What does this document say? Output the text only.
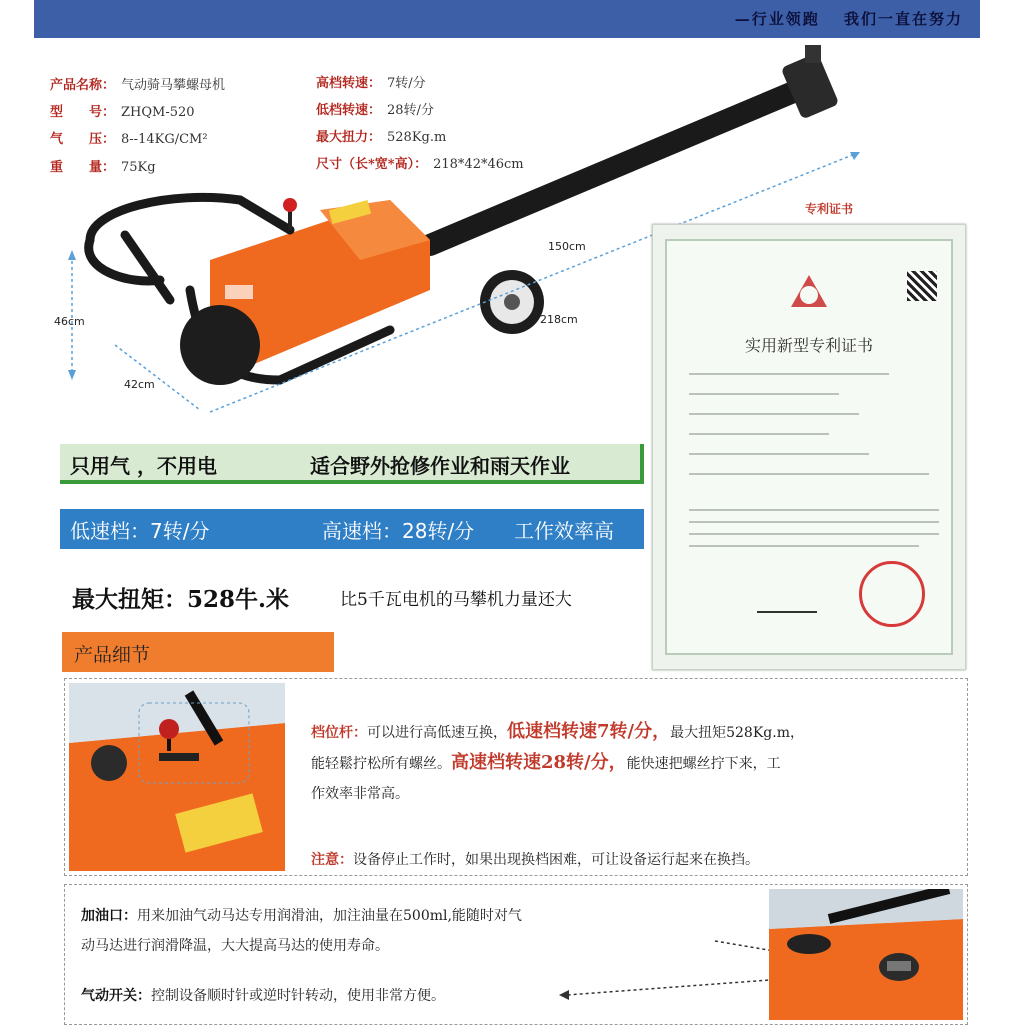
—行业领跑　 我们一直在努力
产品名称： 气动骑马攀螺母机
型　　号： ZHQM-520
气　　压： 8--14KG/CM²
重　　量： 75Kg
高档转速： 7转/分
低档转速： 28转/分
最大扭力： 528Kg.m
尺寸（长*宽*高）： 218*42*46cm
46cm
42cm
218cm
150cm
专利证书
实用新型专利证书
只用气 ，不用电	适合野外抢修作业和雨天作业
低速档：7转/分	高速档：28转/分 工作效率高
最大扭矩：528牛.米	比5千瓦电机的马攀机力量还大
产品细节
档位杆：可以进行高低速互换，低速档转速7转/分，最大扭矩528Kg.m，
能轻鬆拧松所有螺丝。高速档转速28转/分，能快速把螺丝拧下来，工
作效率非常高。
注意：设备停止工作时，如果出现换档困难，可让设备运行起来在换挡。
加油口：用来加油气动马达专用润滑油，加注油量在500ml,能随时对气
动马达进行润滑降温，大大提高马达的使用寿命。
气动开关：控制设备顺时针或逆时针转动，使用非常方便。
